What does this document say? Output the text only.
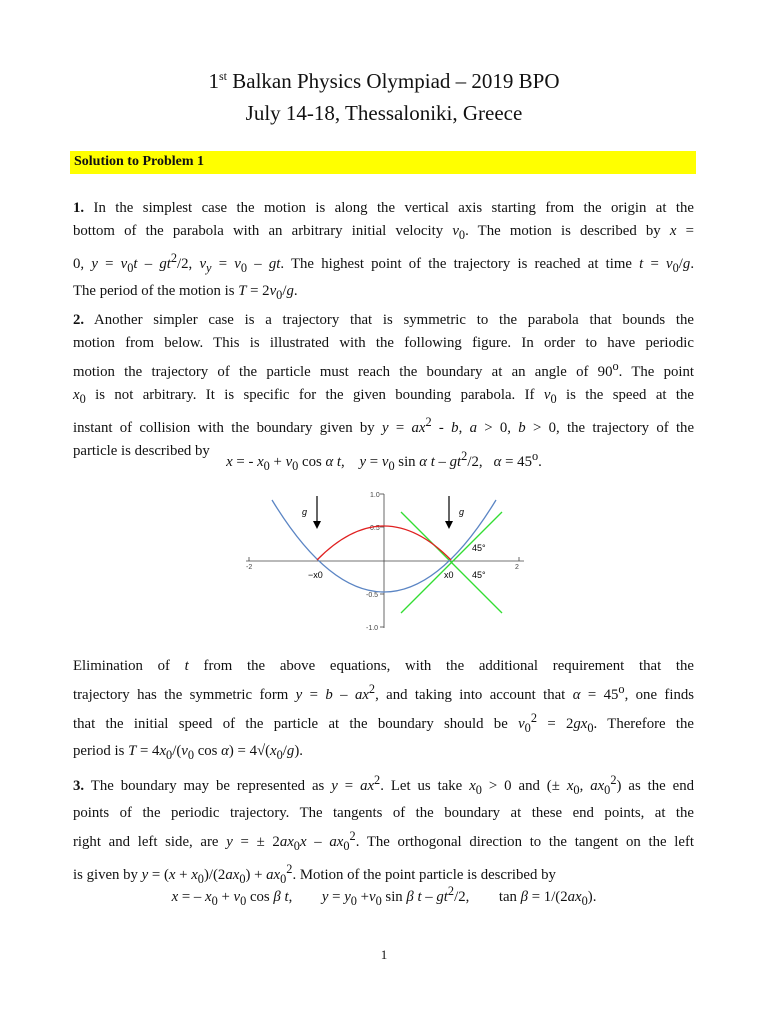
1st Balkan Physics Olympiad – 2019 BPO
July 14-18, Thessaloniki, Greece
Solution to Problem 1
1. In the simplest case the motion is along the vertical axis starting from the origin at the
bottom of the parabola with an arbitrary initial velocity $v_0$. The motion is described by x =
0, $y = v_0t - gt^2/2$, $v_y = v_0$ – gt. The highest point of the trajectory is reached at time $t = v_0/g$.
The period of the motion is $T = 2v_0/g$.
2. Another simpler case is a trajectory that is symmetric to the parabola that bounds the
motion from below. This is illustrated with the following figure. In order to have periodic
motion the trajectory of the particle must reach the boundary at an angle of 90$^o$. The point
$x_0$ is not arbitrary. It is specific for the given bounding parabola. If $v_0$ is the speed at the
instant of collision with the boundary given by $y = ax^2 - b$, a > 0, b > 0, the trajectory of the
particle is described by
x = - $x_0 + v_0$ cos α t,    $y = v_0$ sin α t – $gt^2/2$,   $\alpha = 45^o$.
1.0
0.5
-0.5
-1.0
-2	2
g	g
−x0	x0
45°
45°
Elimination of t from the above equations, with the additional requirement that the
trajectory has the symmetric form $y = b - ax^2$, and taking into account that $\alpha = 45^o$, one finds
that the initial speed of the particle at the boundary should be $v_0^2 = 2gx_0$. Therefore the
period is $T = 4x_0/(v_0$ $\cos \alpha) = 4√(x_0/g)$.
3. The boundary may be represented as $y = ax^2$. Let us take $x_0 > 0$ and (± $x_0$, $ax_0^2$) as the end
points of the periodic trajectory. The tangents of the boundary at these end points, at the
right and left side, are y = ± $2ax_0x - ax_0^2$. The orthogonal direction to the tangent on the left
is given by $y = (x + x_0)/(2ax_0) + ax_0^2$. Motion of the point particle is described by
x = – $x_0 + v_0$ cos β t,        $y = y_0 +v_0$ sin β t – $gt^2/2$,        $\tan \beta = 1/(2ax_0)$.
1
